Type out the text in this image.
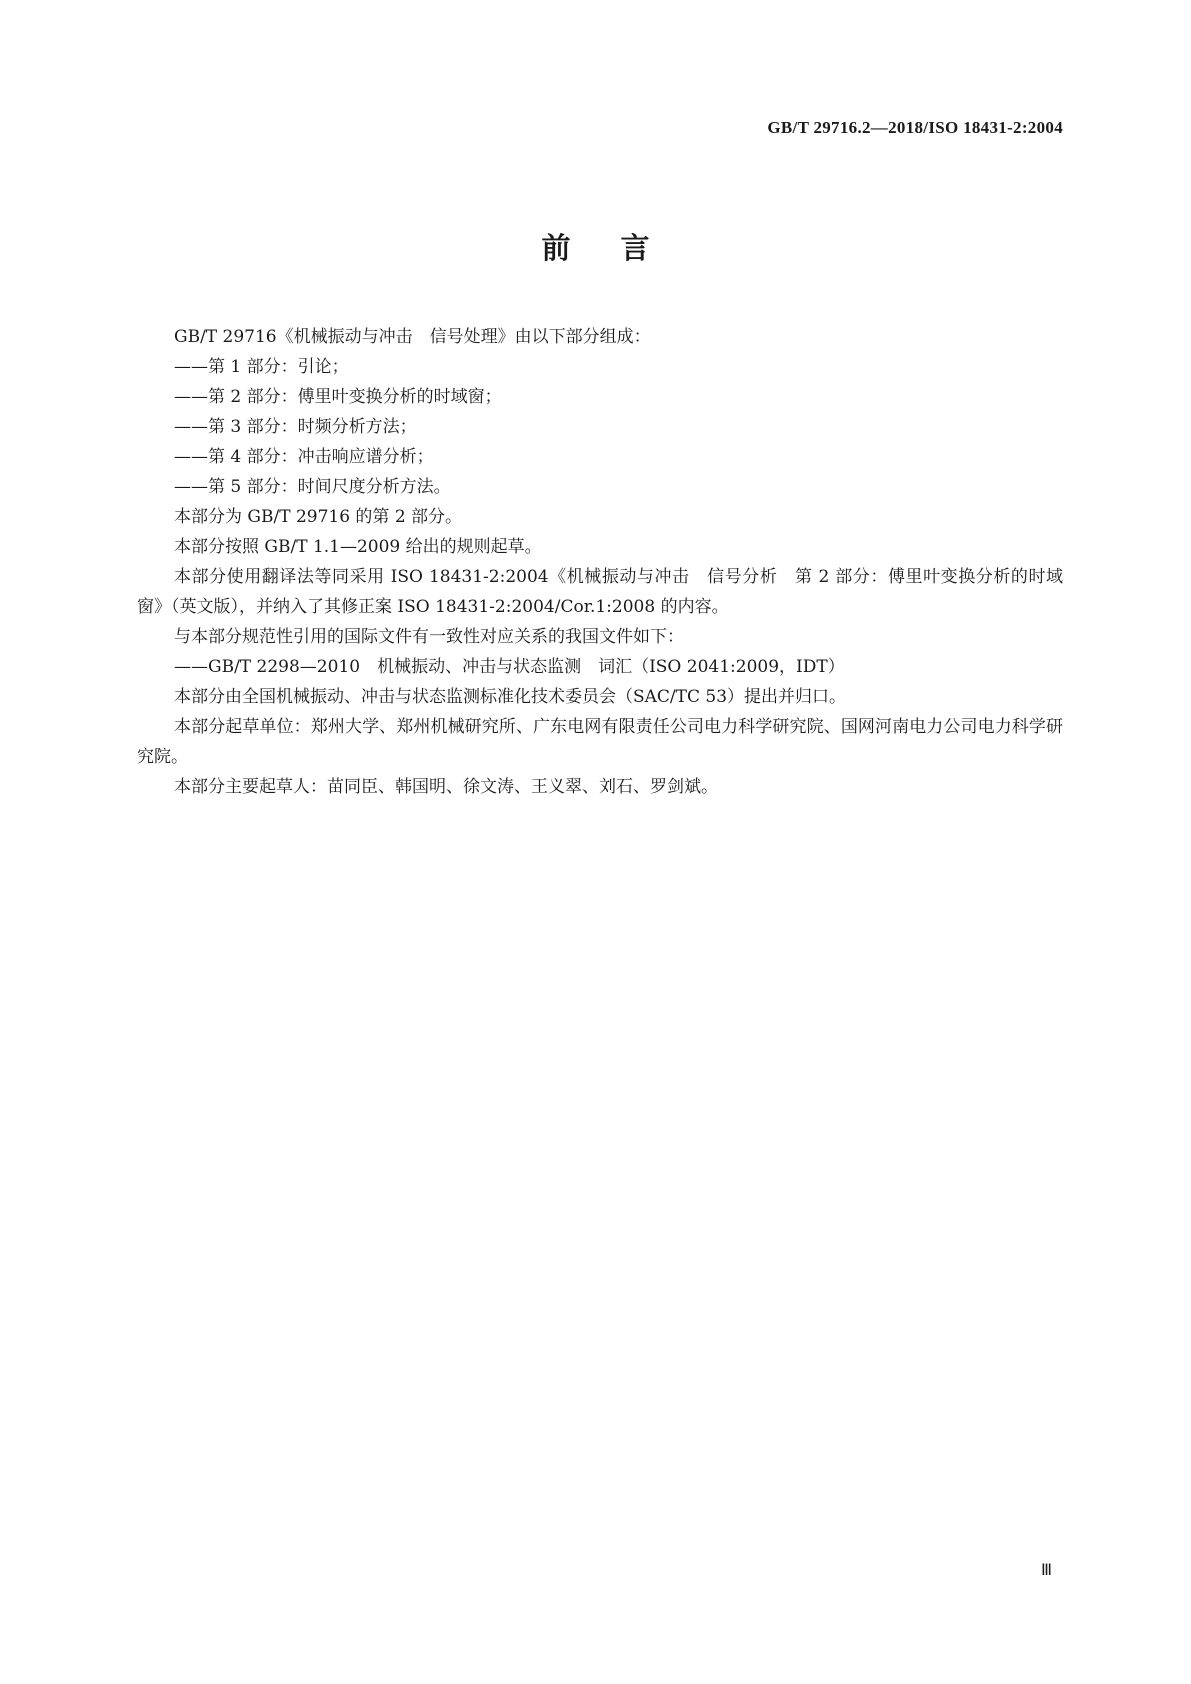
GB/T 29716.2—2018/ISO 18431-2:2004
前言

GB/T 29716《机械振动与冲击　信号处理》由以下部分组成：

——第 1 部分：引论；

——第 2 部分：傅里叶变换分析的时域窗；

——第 3 部分：时频分析方法；

——第 4 部分：冲击响应谱分析；

——第 5 部分：时间尺度分析方法。

本部分为 GB/T 29716 的第 2 部分。

本部分按照 GB/T 1.1—2009 给出的规则起草。

本部分使用翻译法等同采用 ISO 18431-2:2004《机械振动与冲击　信号分析　第 2 部分：傅里叶变换分析的时域窗》（英文版），并纳入了其修正案 ISO 18431-2:2004/Cor.1:2008 的内容。

与本部分规范性引用的国际文件有一致性对应关系的我国文件如下：

——GB/T 2298—2010　机械振动、冲击与状态监测　词汇（ISO 2041:2009，IDT）

本部分由全国机械振动、冲击与状态监测标准化技术委员会（SAC/TC 53）提出并归口。

本部分起草单位：郑州大学、郑州机械研究所、广东电网有限责任公司电力科学研究院、国网河南电力公司电力科学研究院。

本部分主要起草人：苗同臣、韩国明、徐文涛、王义翠、刘石、罗剑斌。

Ⅲ
